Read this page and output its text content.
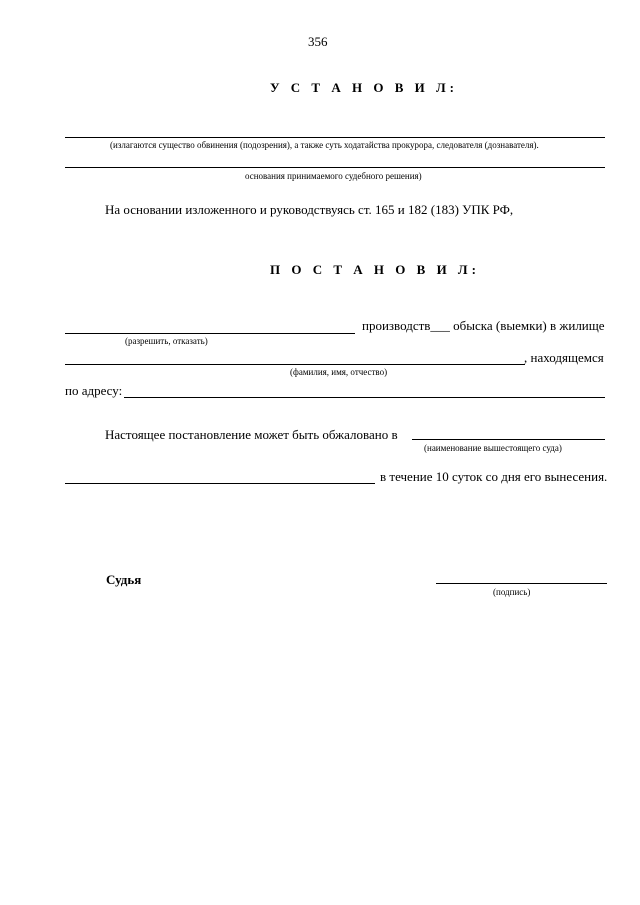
356
У С Т А Н О В И Л:
(излагаются существо обвинения (подозрения), а также суть ходатайства прокурора, следователя (дознавателя).
основания принимаемого судебного решения)
На основании изложенного и руководствуясь ст. 165 и 182 (183) УПК РФ,
П О С Т А Н О В И Л:
производств___ обыска (выемки) в жилище
(разрешить, отказать)
, находящемся
(фамилия, имя, отчество)
по адресу:
Настоящее постановление может быть обжаловано в
(наименование вышестоящего суда)
в течение 10 суток со дня его вынесения.
Судья
(подпись)
